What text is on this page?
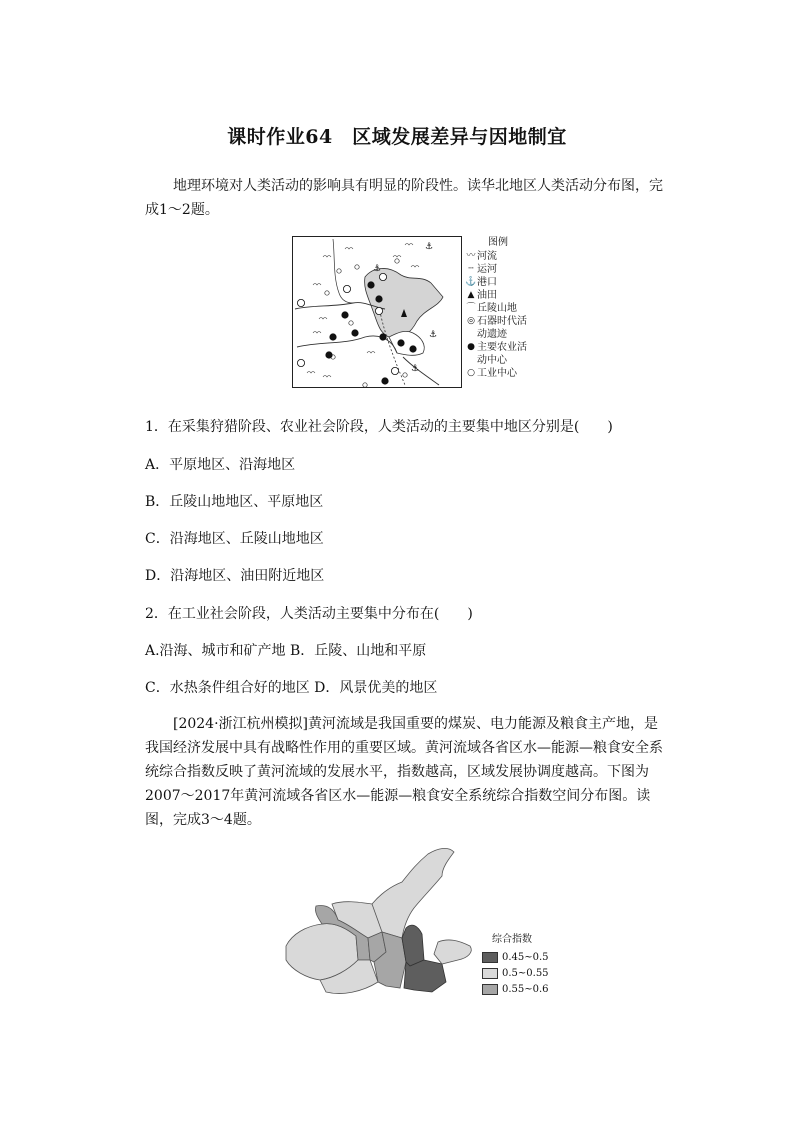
课时作业64　区域发展差异与因地制宜
地理环境对人类活动的影响具有明显的阶段性。读华北地区人类活动分布图，完成1～2题。
⚓
⚓
⚓
⚓
图例
〰 河流
┄ 运河
⚓ 港口
▲ 油田
⌒ 丘陵山地
◎ 石器时代活动遗迹
● 主要农业活动中心
○ 工业中心
1．在采集狩猎阶段、农业社会阶段，人类活动的主要集中地区分别是(　　)
A．平原地区、沿海地区
B．丘陵山地地区、平原地区
C．沿海地区、丘陵山地地区
D．沿海地区、油田附近地区
2．在工业社会阶段，人类活动主要集中分布在(　　)
A.沿海、城市和矿产地 B．丘陵、山地和平原
C．水热条件组合好的地区 D．风景优美的地区
[2024·浙江杭州模拟]黄河流域是我国重要的煤炭、电力能源及粮食主产地，是我国经济发展中具有战略性作用的重要区域。黄河流域各省区水—能源—粮食安全系统综合指数反映了黄河流域的发展水平，指数越高，区域发展协调度越高。下图为2007～2017年黄河流域各省区水—能源—粮食安全系统综合指数空间分布图。读图，完成3～4题。
综合指数
0.45~0.5
0.5~0.55
0.55~0.6
